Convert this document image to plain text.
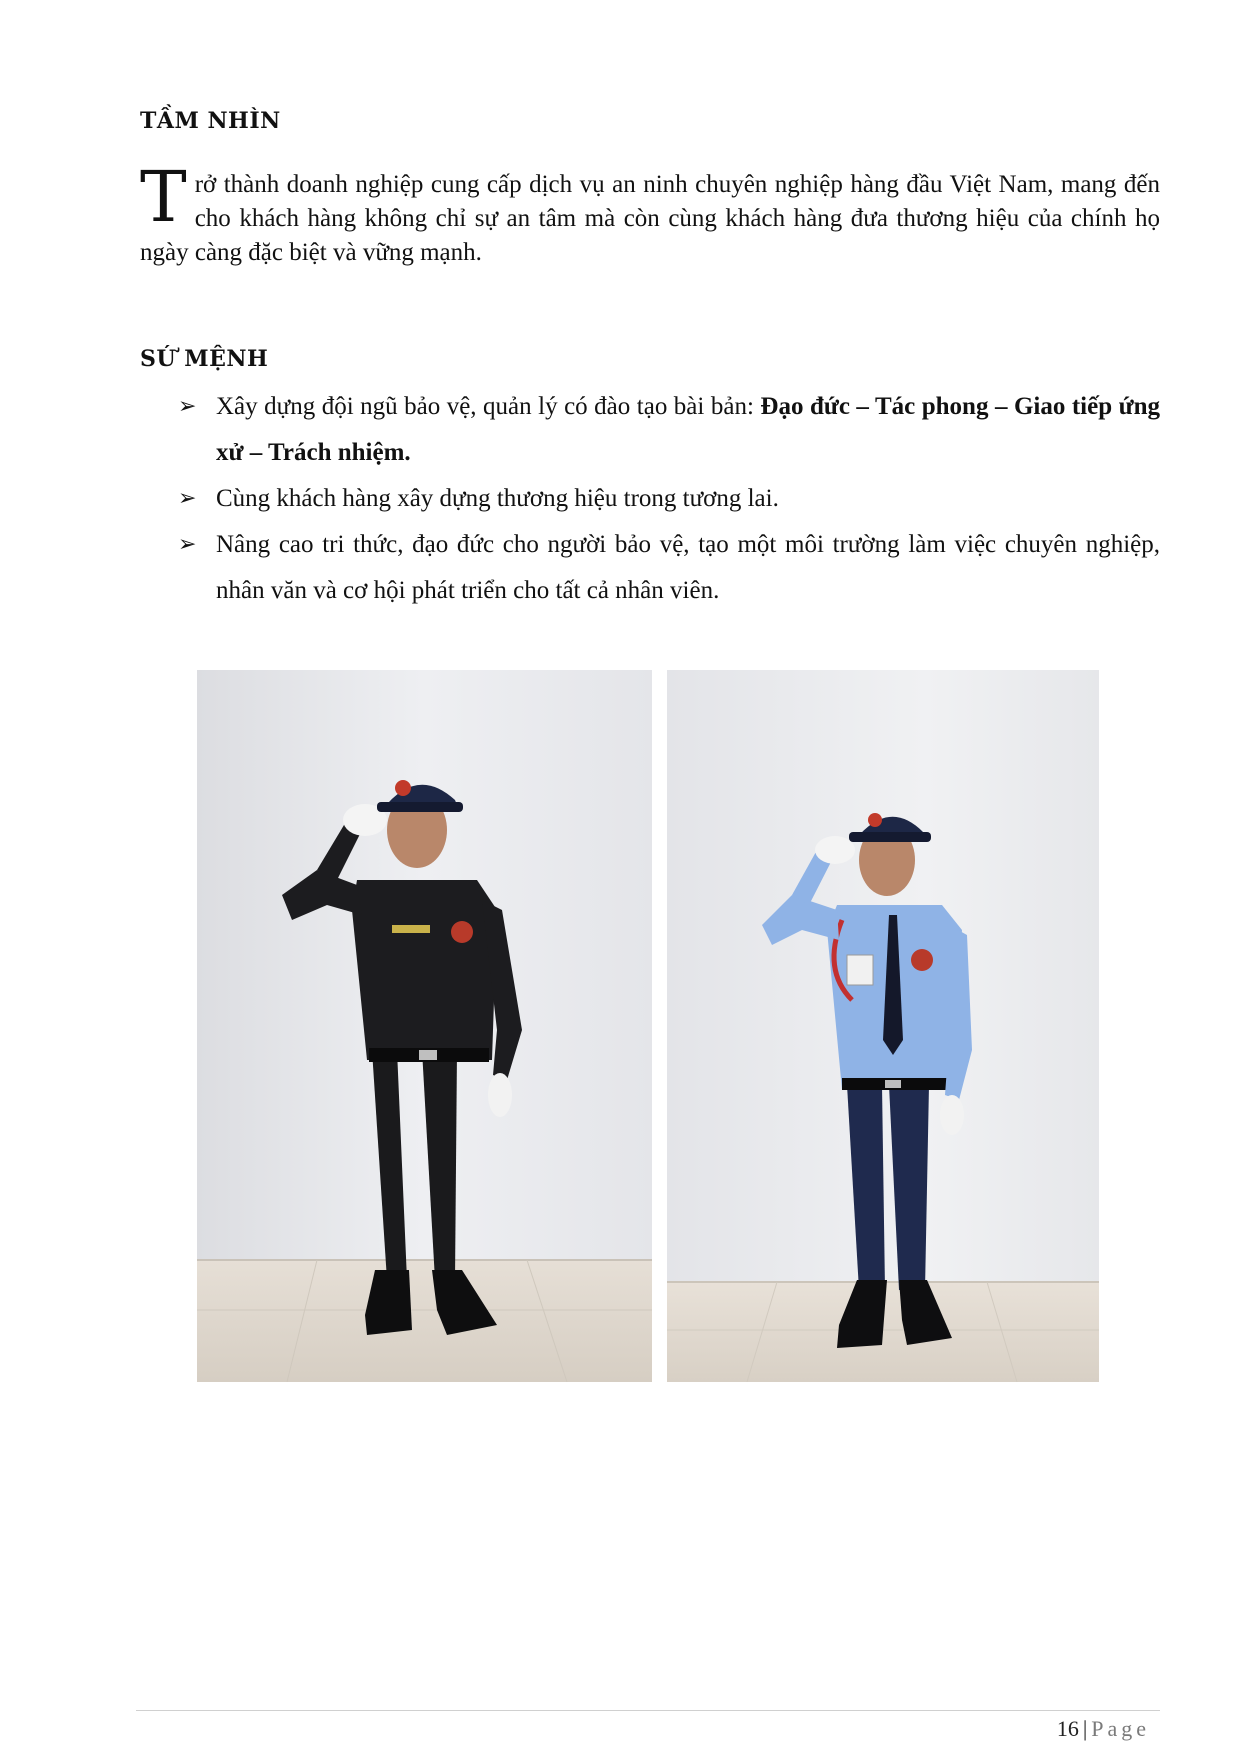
TẦM NHÌN
Trở thành doanh nghiệp cung cấp dịch vụ an ninh chuyên nghiệp hàng đầu Việt Nam, mang đến cho khách hàng không chỉ sự an tâm mà còn cùng khách hàng đưa thương hiệu của chính họ ngày càng đặc biệt và vững mạnh.
SỨ MỆNH
➢ Xây dựng đội ngũ bảo vệ, quản lý có đào tạo bài bản: Đạo đức – Tác phong – Giao tiếp ứng xử – Trách nhiệm.
➢ Cùng khách hàng xây dựng thương hiệu trong tương lai.
➢ Nâng cao tri thức, đạo đức cho người bảo vệ, tạo một môi trường làm việc chuyên nghiệp, nhân văn và cơ hội phát triển cho tất cả nhân viên.
16 | Page
